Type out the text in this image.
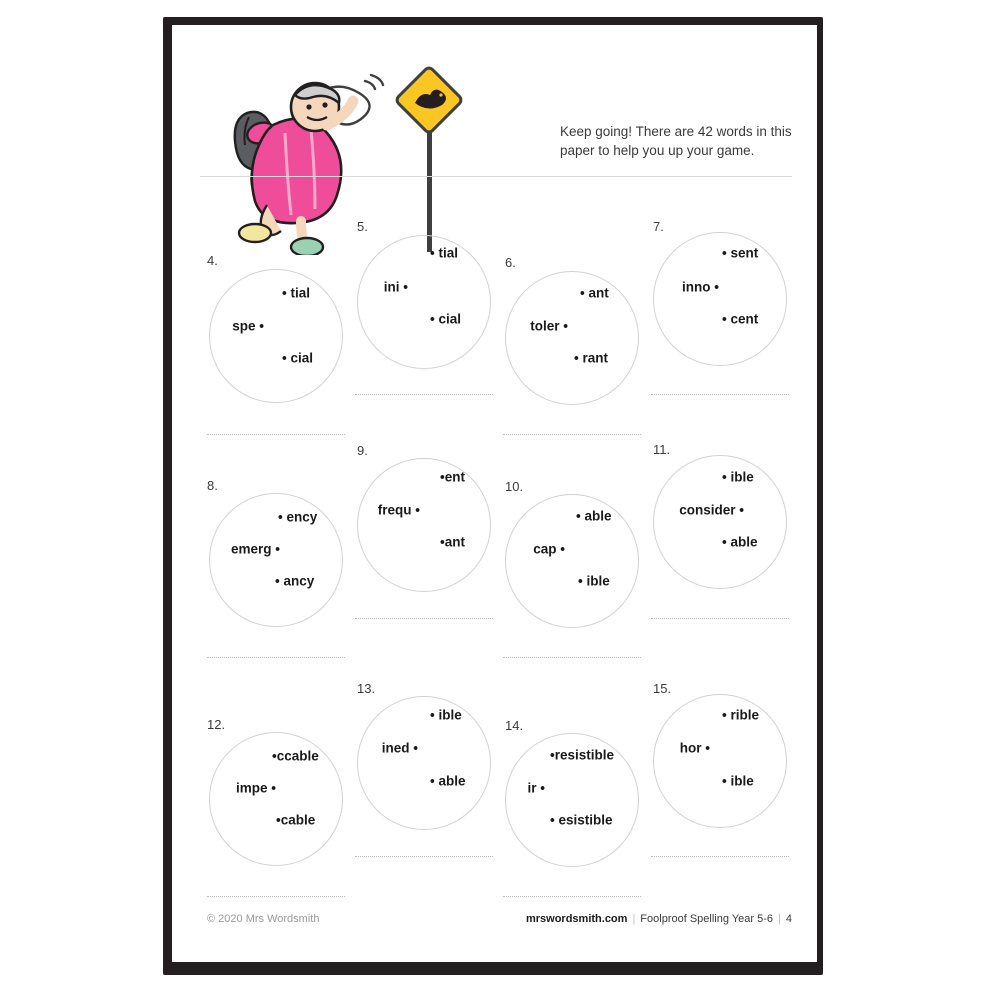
Keep going! There are 42 words in this paper to help you up your game.
4.
spe •
• tial
• cial
5.
ini •
• tial
• cial
6.
toler •
• ant
• rant
7.
inno •
• sent
• cent
8.
emerg •
• ency
• ancy
9.
frequ •
•ent
•ant
10.
cap •
• able
• ible
11.
consider •
• ible
• able
12.
impe •
•ccable
•cable
13.
ined •
• ible
• able
14.
ir •
•resistible
• esistible
15.
hor •
• rible
• ible
© 2020 Mrs Wordsmith	mrswordsmith.com | Foolproof Spelling Year 5-6 | 4
